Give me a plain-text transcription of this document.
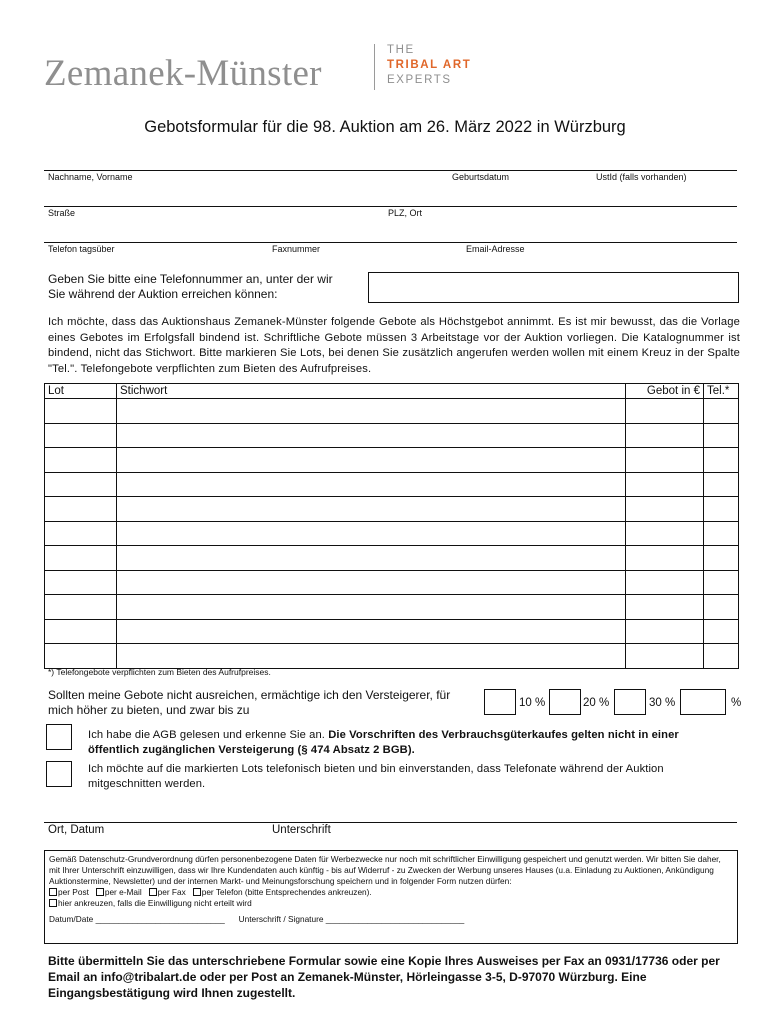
Zemanek-Münster
THE
TRIBAL ART
EXPERTS
Gebotsformular für die 98. Auktion am 26. März 2022 in Würzburg
Nachname, Vorname	Geburtsdatum	UstId (falls vorhanden)
Straße	PLZ, Ort
Telefon tagsüber	Faxnummer	Email-Adresse
Geben Sie bitte eine Telefonnummer an, unter der wir Sie während der Auktion erreichen können:
Ich möchte, dass das Auktionshaus Zemanek-Münster folgende Gebote als Höchstgebot annimmt. Es ist mir bewusst, das die Vorlage eines Gebotes im Erfolgsfall bindend ist. Schriftliche Gebote müssen 3 Arbeitstage vor der Auktion vorliegen. Die Katalognummer ist bindend, nicht das Stichwort. Bitte markieren Sie Lots, bei denen Sie zusätzlich angerufen werden wollen mit einem Kreuz in der Spalte "Tel.". Telefongebote verpflichten zum Bieten des Aufrufpreises.
Lot	Stichwort	Gebot in €	Tel.*

*) Telefongebote verpflichten zum Bieten des Aufrufpreises.
Sollten meine Gebote nicht ausreichen, ermächtige ich den Versteigerer, für mich höher zu bieten, und zwar bis zu	10 %	20 %	30 %	%
Ich habe die AGB gelesen und erkenne Sie an. Die Vorschriften des Verbrauchsgüterkaufes gelten nicht in einer öffentlich zugänglichen Versteigerung (§ 474 Absatz 2 BGB).
Ich möchte auf die markierten Lots telefonisch bieten und bin einverstanden, dass Telefonate während der Auktion mitgeschnitten werden.
Ort, Datum	Unterschrift
Gemäß Datenschutz-Grundverordnung dürfen personenbezogene Daten für Werbezwecke nur noch mit schriftlicher Einwilligung gespeichert und genutzt werden. Wir bitten Sie daher, mit Ihrer Unterschrift einzuwilligen, dass wir Ihre Kundendaten auch künftig - bis auf Widerruf - zu Zwecken der Werbung unseres Hauses (u.a. Einladung zu Auktionen, Ankündigung Auktionstermine, Newsletter) und der internen Markt- und Meinungsforschung speichern und in folgender Form nutzen dürfen:
per Post per e-Mail per Fax per Telefon (bitte Entsprechendes ankreuzen).
hier ankreuzen, falls die Einwilligung nicht erteilt wird
Datum/Date ____________________________ Unterschrift / Signature ______________________________
Bitte übermitteln Sie das unterschriebene Formular sowie eine Kopie Ihres Ausweises per Fax an 0931/17736 oder per Email an info@tribalart.de oder per Post an Zemanek-Münster, Hörleingasse 3-5, D-97070 Würzburg. Eine Eingangsbestätigung wird Ihnen zugestellt.
